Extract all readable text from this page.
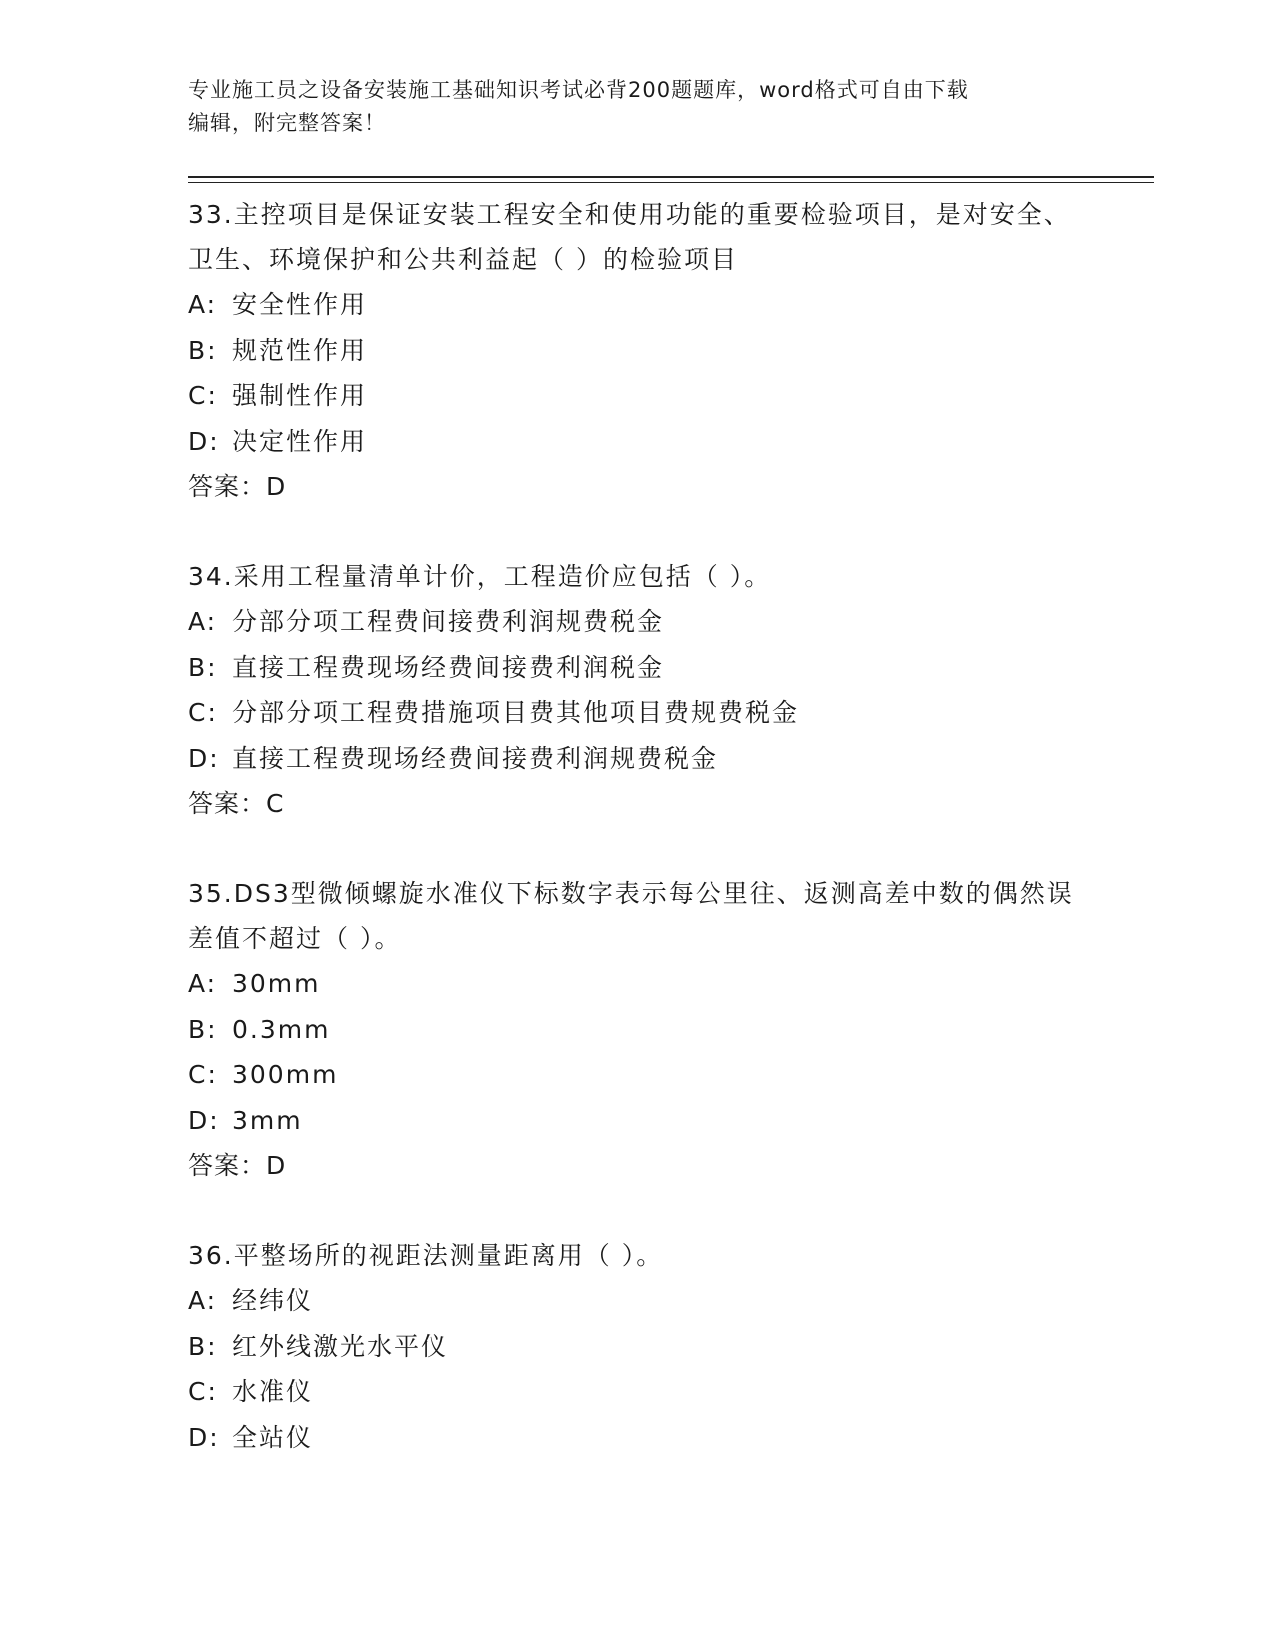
专业施工员之设备安装施工基础知识考试必背200题题库，word格式可自由下载
编辑，附完整答案！
33.主控项目是保证安装工程安全和使用功能的重要检验项目，是对安全、卫生、环境保护和公共利益起（ ）的检验项目
A: 安全性作用
B: 规范性作用
C: 强制性作用
D: 决定性作用
答案：D
34.采用工程量清单计价，工程造价应包括（ ）。
A: 分部分项工程费间接费利润规费税金
B: 直接工程费现场经费间接费利润税金
C: 分部分项工程费措施项目费其他项目费规费税金
D: 直接工程费现场经费间接费利润规费税金
答案：C
35.DS3型微倾螺旋水准仪下标数字表示每公里往、返测高差中数的偶然误差值不超过（ ）。
A: 30mm
B: 0.3mm
C: 300mm
D: 3mm
答案：D
36.平整场所的视距法测量距离用（ ）。
A: 经纬仪
B: 红外线激光水平仪
C: 水准仪
D: 全站仪
